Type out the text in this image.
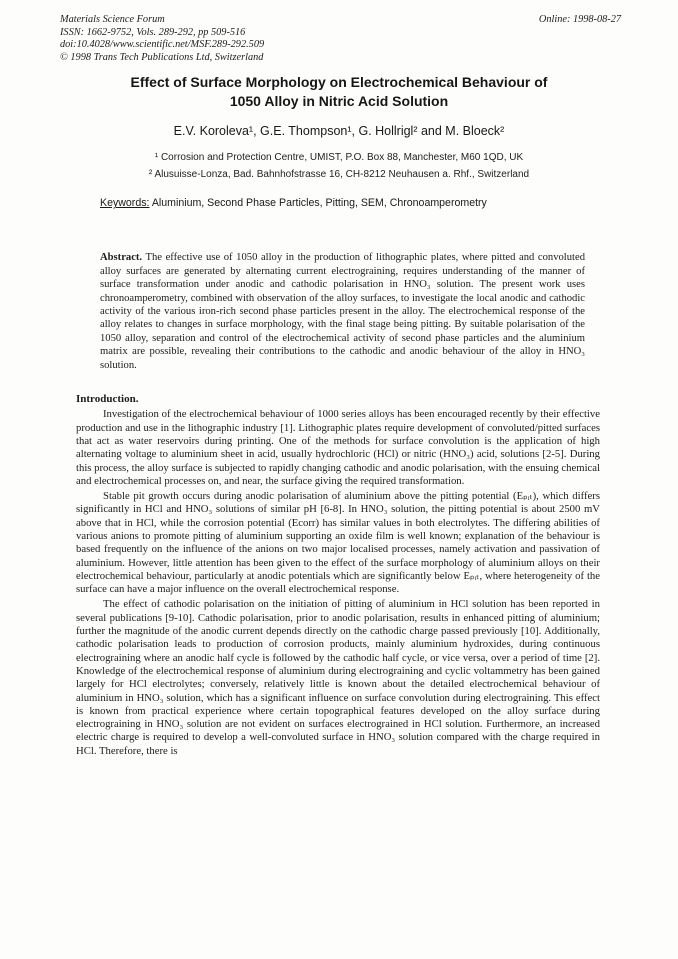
Materials Science Forum
ISSN: 1662-9752, Vols. 289-292, pp 509-516
doi:10.4028/www.scientific.net/MSF.289-292.509
© 1998 Trans Tech Publications Ltd, Switzerland
Online: 1998-08-27
Effect of Surface Morphology on Electrochemical Behaviour of
1050 Alloy in Nitric Acid Solution
E.V. Koroleva¹, G.E. Thompson¹, G. Hollrigl² and M. Bloeck²
¹ Corrosion and Protection Centre, UMIST, P.O. Box 88, Manchester, M60 1QD, UK
² Alusuisse-Lonza, Bad. Bahnhofstrasse 16, CH-8212 Neuhausen a. Rhf., Switzerland
Keywords: Aluminium, Second Phase Particles, Pitting, SEM, Chronoamperometry

Abstract. The effective use of 1050 alloy in the production of lithographic plates, where pitted and convoluted alloy surfaces are generated by alternating current electrograining, requires understanding of the manner of surface transformation under anodic and cathodic polarisation in HNO₃ solution. The present work uses chronoamperometry, combined with observation of the alloy surfaces, to investigate the local anodic and cathodic activity of the various iron-rich second phase particles present in the alloy. The electrochemical response of the alloy relates to changes in surface morphology, with the final stage being pitting. By suitable polarisation of the 1050 alloy, separation and control of the electrochemical activity of second phase particles and the aluminium matrix are possible, revealing their contributions to the cathodic and anodic behaviour of the alloy in HNO₃ solution.

Introduction.

Investigation of the electrochemical behaviour of 1000 series alloys has been encouraged recently by their effective production and use in the lithographic industry [1]. Lithographic plates require development of convoluted/pitted surfaces that act as water reservoirs during printing. One of the methods for surface convolution is the application of high alternating voltage to aluminium sheet in acid, usually hydrochloric (HCl) or nitric (HNO₃) acid, solutions [2-5]. During this process, the alloy surface is subjected to rapidly changing cathodic and anodic polarisation, with the ensuing chemical and electrochemical processes on, and near, the surface giving the required transformation.

Stable pit growth occurs during anodic polarisation of aluminium above the pitting potential (Eₚᵢₜ), which differs significantly in HCl and HNO₃ solutions of similar pH [6-8]. In HNO₃ solution, the pitting potential is about 2500 mV above that in HCl, while the corrosion potential (Ecorr) has similar values in both electrolytes. The differing abilities of various anions to promote pitting of aluminium supporting an oxide film is well known; explanation of the behaviour is based frequently on the influence of the anions on two major localised processes, namely activation and passivation of aluminium. However, little attention has been given to the effect of the surface morphology of aluminium alloys on their electrochemical behaviour, particularly at anodic potentials which are significantly below Eₚᵢₜ, where heterogeneity of the surface can have a major influence on the overall electrochemical response.

The effect of cathodic polarisation on the initiation of pitting of aluminium in HCl solution has been reported in several publications [9-10]. Cathodic polarisation, prior to anodic polarisation, results in enhanced pitting of aluminium; further the magnitude of the anodic current depends directly on the cathodic charge passed previously [10]. Additionally, cathodic polarisation leads to production of corrosion products, mainly aluminium hydroxides, during continuous electrograining where an anodic half cycle is followed by the cathodic half cycle, or vice versa, over a period of time [2]. Knowledge of the electrochemical response of aluminium during electrograining and cyclic voltammetry has been gained largely for HCl electrolytes; conversely, relatively little is known about the detailed electrochemical behaviour of aluminium in HNO₃ solution, which has a significant influence on surface convolution during electrograining. This effect is known from practical experience where certain topographical features developed on the alloy surface during electrograining in HNO₃ solution are not evident on surfaces electrograined in HCl solution. Furthermore, an increased electric charge is required to develop a well-convoluted surface in HNO₃ solution compared with the charge required in HCl. Therefore, there is
